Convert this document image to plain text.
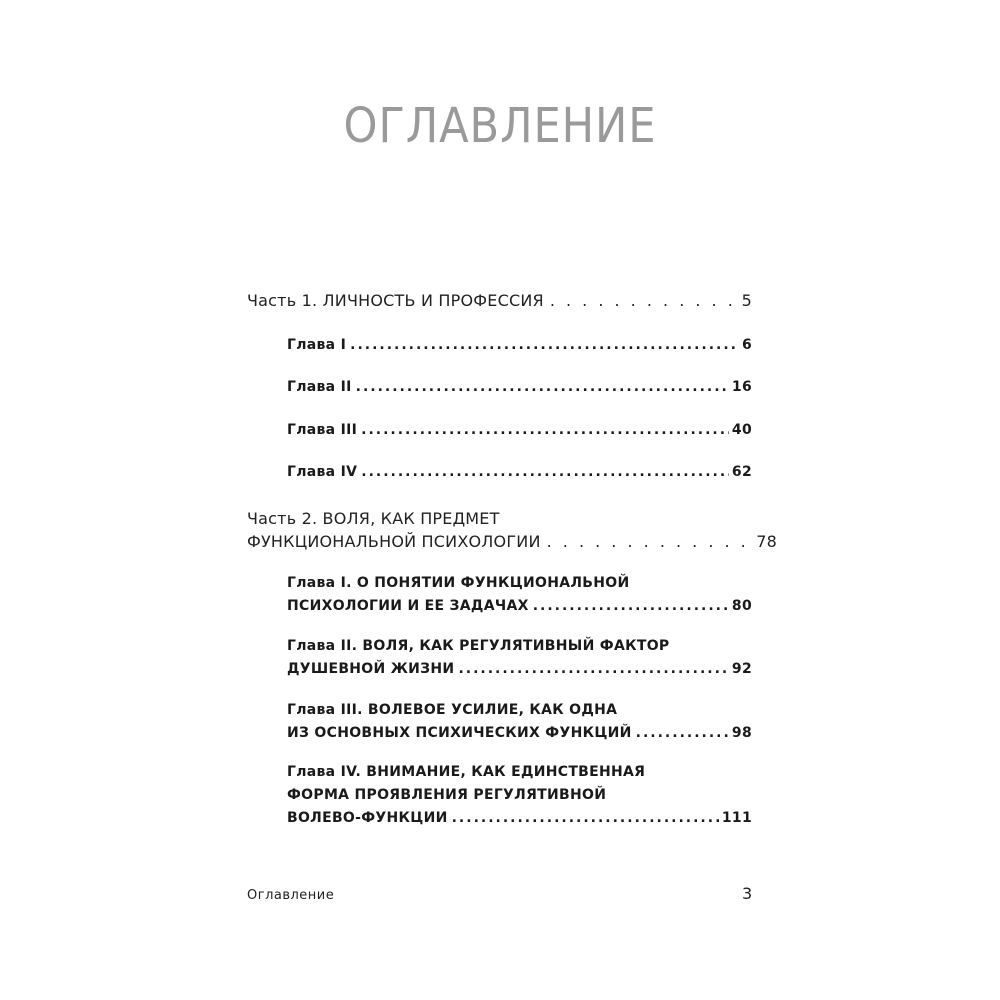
ОГЛАВЛЕНИЕ
Часть 1. ЛИЧНОСТЬ И ПРОФЕССИЯ . . .	5
Глава I .....	6
Глава II .....	16
Глава III .....	40
Глава IV .....	62
Часть 2. ВОЛЯ, КАК ПРЕДМЕТ
ФУНКЦИОНАЛЬНОЙ ПСИХОЛОГИИ . . .	78
Глава I. О ПОНЯТИИ ФУНКЦИОНАЛЬНОЙ
ПСИХОЛОГИИ И ЕЕ ЗАДАЧАХ .....	80
Глава II. ВОЛЯ, КАК РЕГУЛЯТИВНЫЙ ФАКТОР
ДУШЕВНОЙ ЖИЗНИ .....	92
Глава III. ВОЛЕВОЕ УСИЛИЕ, КАК ОДНА
ИЗ ОСНОВНЫХ ПСИХИЧЕСКИХ ФУНКЦИЙ .....	98
Глава IV. ВНИМАНИЕ, КАК ЕДИНСТВЕННАЯ
ФОРМА ПРОЯВЛЕНИЯ РЕГУЛЯТИВНОЙ
ВОЛЕВО-ФУНКЦИИ .....	111
Оглавление	3
